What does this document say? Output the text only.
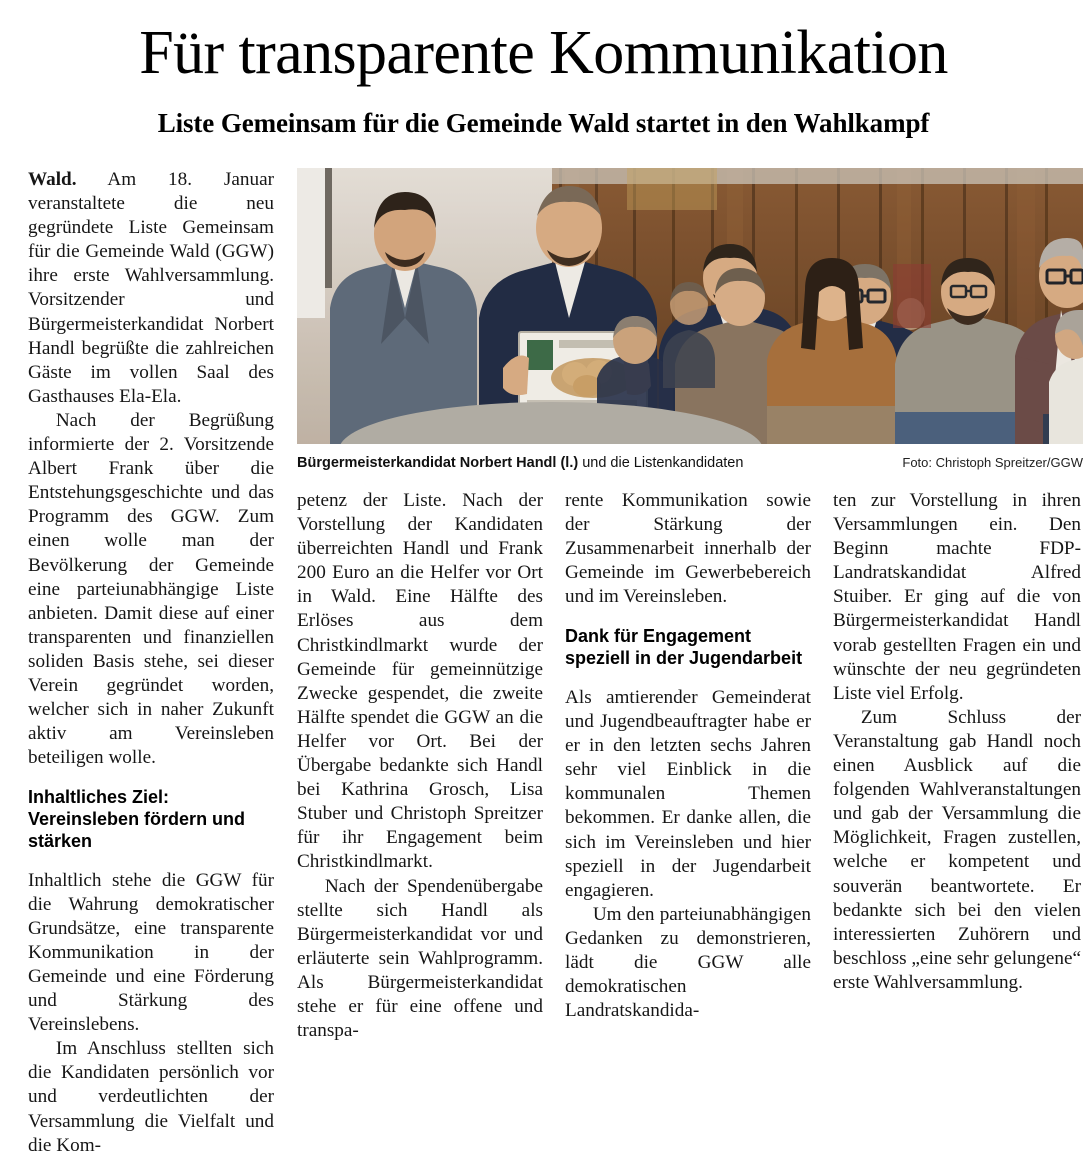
Für transparente Kommunikation
Liste Gemeinsam für die Gemeinde Wald startet in den Wahlkampf
Bürgermeisterkandidat Norbert Handl (l.) und die Listenkandidaten	Foto: Christoph Spreitzer/GGW

Wald. Am 18. Januar veranstaltete die neu gegründete Liste Gemeinsam für die Gemeinde Wald (GGW) ihre erste Wahlversammlung. Vorsitzender und Bürgermeisterkandidat Norbert Handl begrüßte die zahlreichen Gäste im vollen Saal des Gasthauses Ela-Ela.

Nach der Begrüßung informierte der 2. Vorsitzende Albert Frank über die Entstehungsgeschichte und das Programm des GGW. Zum einen wolle man der Bevölkerung der Gemeinde eine parteiunabhängige Liste anbieten. Damit diese auf einer transparenten und finanziellen soliden Basis stehe, sei dieser Verein gegründet worden, welcher sich in naher Zukunft aktiv am Vereinsleben beteiligen wolle.

Inhaltliches Ziel: Vereinsleben fördern und stärken

Inhaltlich stehe die GGW für die Wahrung demokratischer Grundsätze, eine transparente Kommunikation in der Gemeinde und eine Förderung und Stärkung des Vereinslebens.

Im Anschluss stellten sich die Kandidaten persönlich vor und verdeutlichten der Versammlung die Vielfalt und die Kom-

petenz der Liste. Nach der Vorstellung der Kandidaten überreichten Handl und Frank 200 Euro an die Helfer vor Ort in Wald. Eine Hälfte des Erlöses aus dem Christkindlmarkt wurde der Gemeinde für gemeinnützige Zwecke gespendet, die zweite Hälfte spendet die GGW an die Helfer vor Ort. Bei der Übergabe bedankte sich Handl bei Kathrina Grosch, Lisa Stuber und Christoph Spreitzer für ihr Engagement beim Christkindlmarkt.

Nach der Spendenübergabe stellte sich Handl als Bürgermeisterkandidat vor und erläuterte sein Wahlprogramm. Als Bürgermeisterkandidat stehe er für eine offene und transpa-

rente Kommunikation sowie der Stärkung der Zusammenarbeit innerhalb der Gemeinde im Gewerbebereich und im Vereinsleben.

Dank für Engagement speziell in der Jugendarbeit

Als amtierender Gemeinderat und Jugendbeauftragter habe er er in den letzten sechs Jahren sehr viel Einblick in die kommunalen Themen bekommen. Er danke allen, die sich im Vereinsleben und hier speziell in der Jugendarbeit engagieren.

Um den parteiunabhängigen Gedanken zu demonstrieren, lädt die GGW alle demokratischen Landratskandida-

ten zur Vorstellung in ihren Versammlungen ein. Den Beginn machte FDP-Landratskandidat Alfred Stuiber. Er ging auf die von Bürgermeisterkandidat Handl vorab gestellten Fragen ein und wünschte der neu gegründeten Liste viel Erfolg.

Zum Schluss der Veranstaltung gab Handl noch einen Ausblick auf die folgenden Wahlveranstaltungen und gab der Versammlung die Möglichkeit, Fragen zustellen, welche er kompetent und souverän beantwortete. Er bedankte sich bei den vielen interessierten Zuhörern und beschloss „eine sehr gelungene“ erste Wahlversammlung.
